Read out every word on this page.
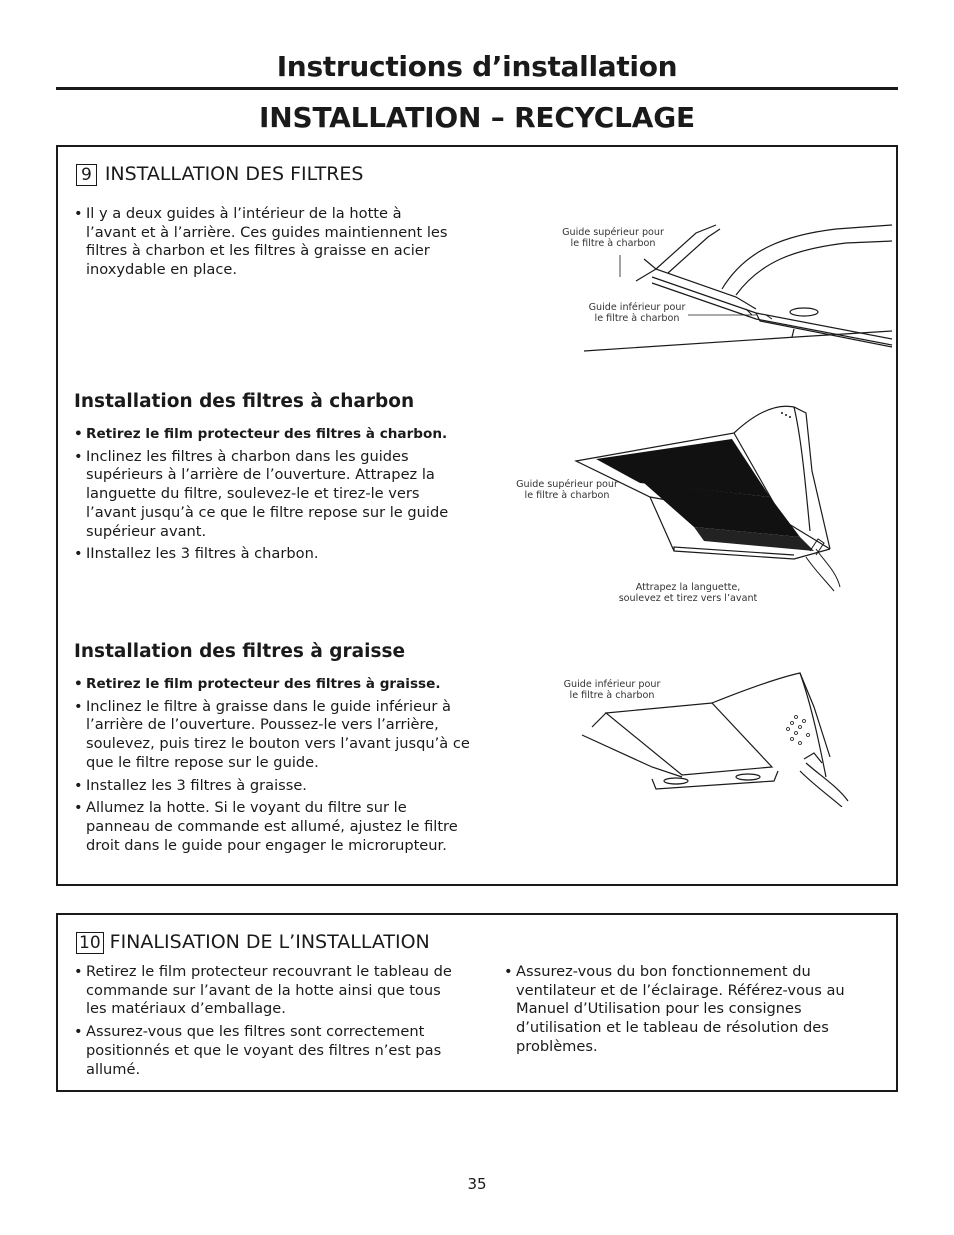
Instructions d’installation
INSTALLATION – RECYCLAGE
9 INSTALLATION DES FILTRES
• Il y a deux guides à l’intérieur de la hotte à l’avant et à l’arrière. Ces guides maintiennent les filtres à charbon et les filtres à graisse en acier inoxydable en place.
Guide supérieur pour le filtre à charbon
Guide inférieur pour le filtre à charbon
Installation des filtres à charbon
• Retirez le film protecteur des filtres à charbon.
• Inclinez les filtres à charbon dans les guides supérieurs à l’arrière de l’ouverture. Attrapez la languette du filtre, soulevez-le et tirez-le vers l’avant jusqu’à ce que le filtre repose sur le guide supérieur avant.
• IInstallez les 3 filtres à charbon.
Guide supérieur pour le filtre à charbon
Attrapez la languette, soulevez et tirez vers l’avant
Installation des filtres à graisse
• Retirez le film protecteur des filtres à graisse.
• Inclinez le filtre à graisse dans le guide inférieur à l’arrière de l’ouverture. Poussez-le vers l’arrière, soulevez, puis tirez le bouton vers l’avant jusqu’à ce que le filtre repose sur le guide.
• Installez les 3 filtres à graisse.
• Allumez la hotte. Si le voyant du filtre sur le panneau de commande est allumé, ajustez le filtre droit dans le guide pour engager le microrupteur.
Guide inférieur pour le filtre à charbon
10 FINALISATION DE L’INSTALLATION
• Retirez le film protecteur recouvrant le tableau de commande sur l’avant de la hotte ainsi que tous les matériaux d’emballage.
• Assurez-vous que les filtres sont correctement positionnés et que le voyant des filtres n’est pas allumé.
• Assurez-vous du bon fonctionnement du ventilateur et de l’éclairage. Référez-vous au Manuel d’Utilisation pour les consignes d’utilisation et le tableau de résolution des problèmes.
35
